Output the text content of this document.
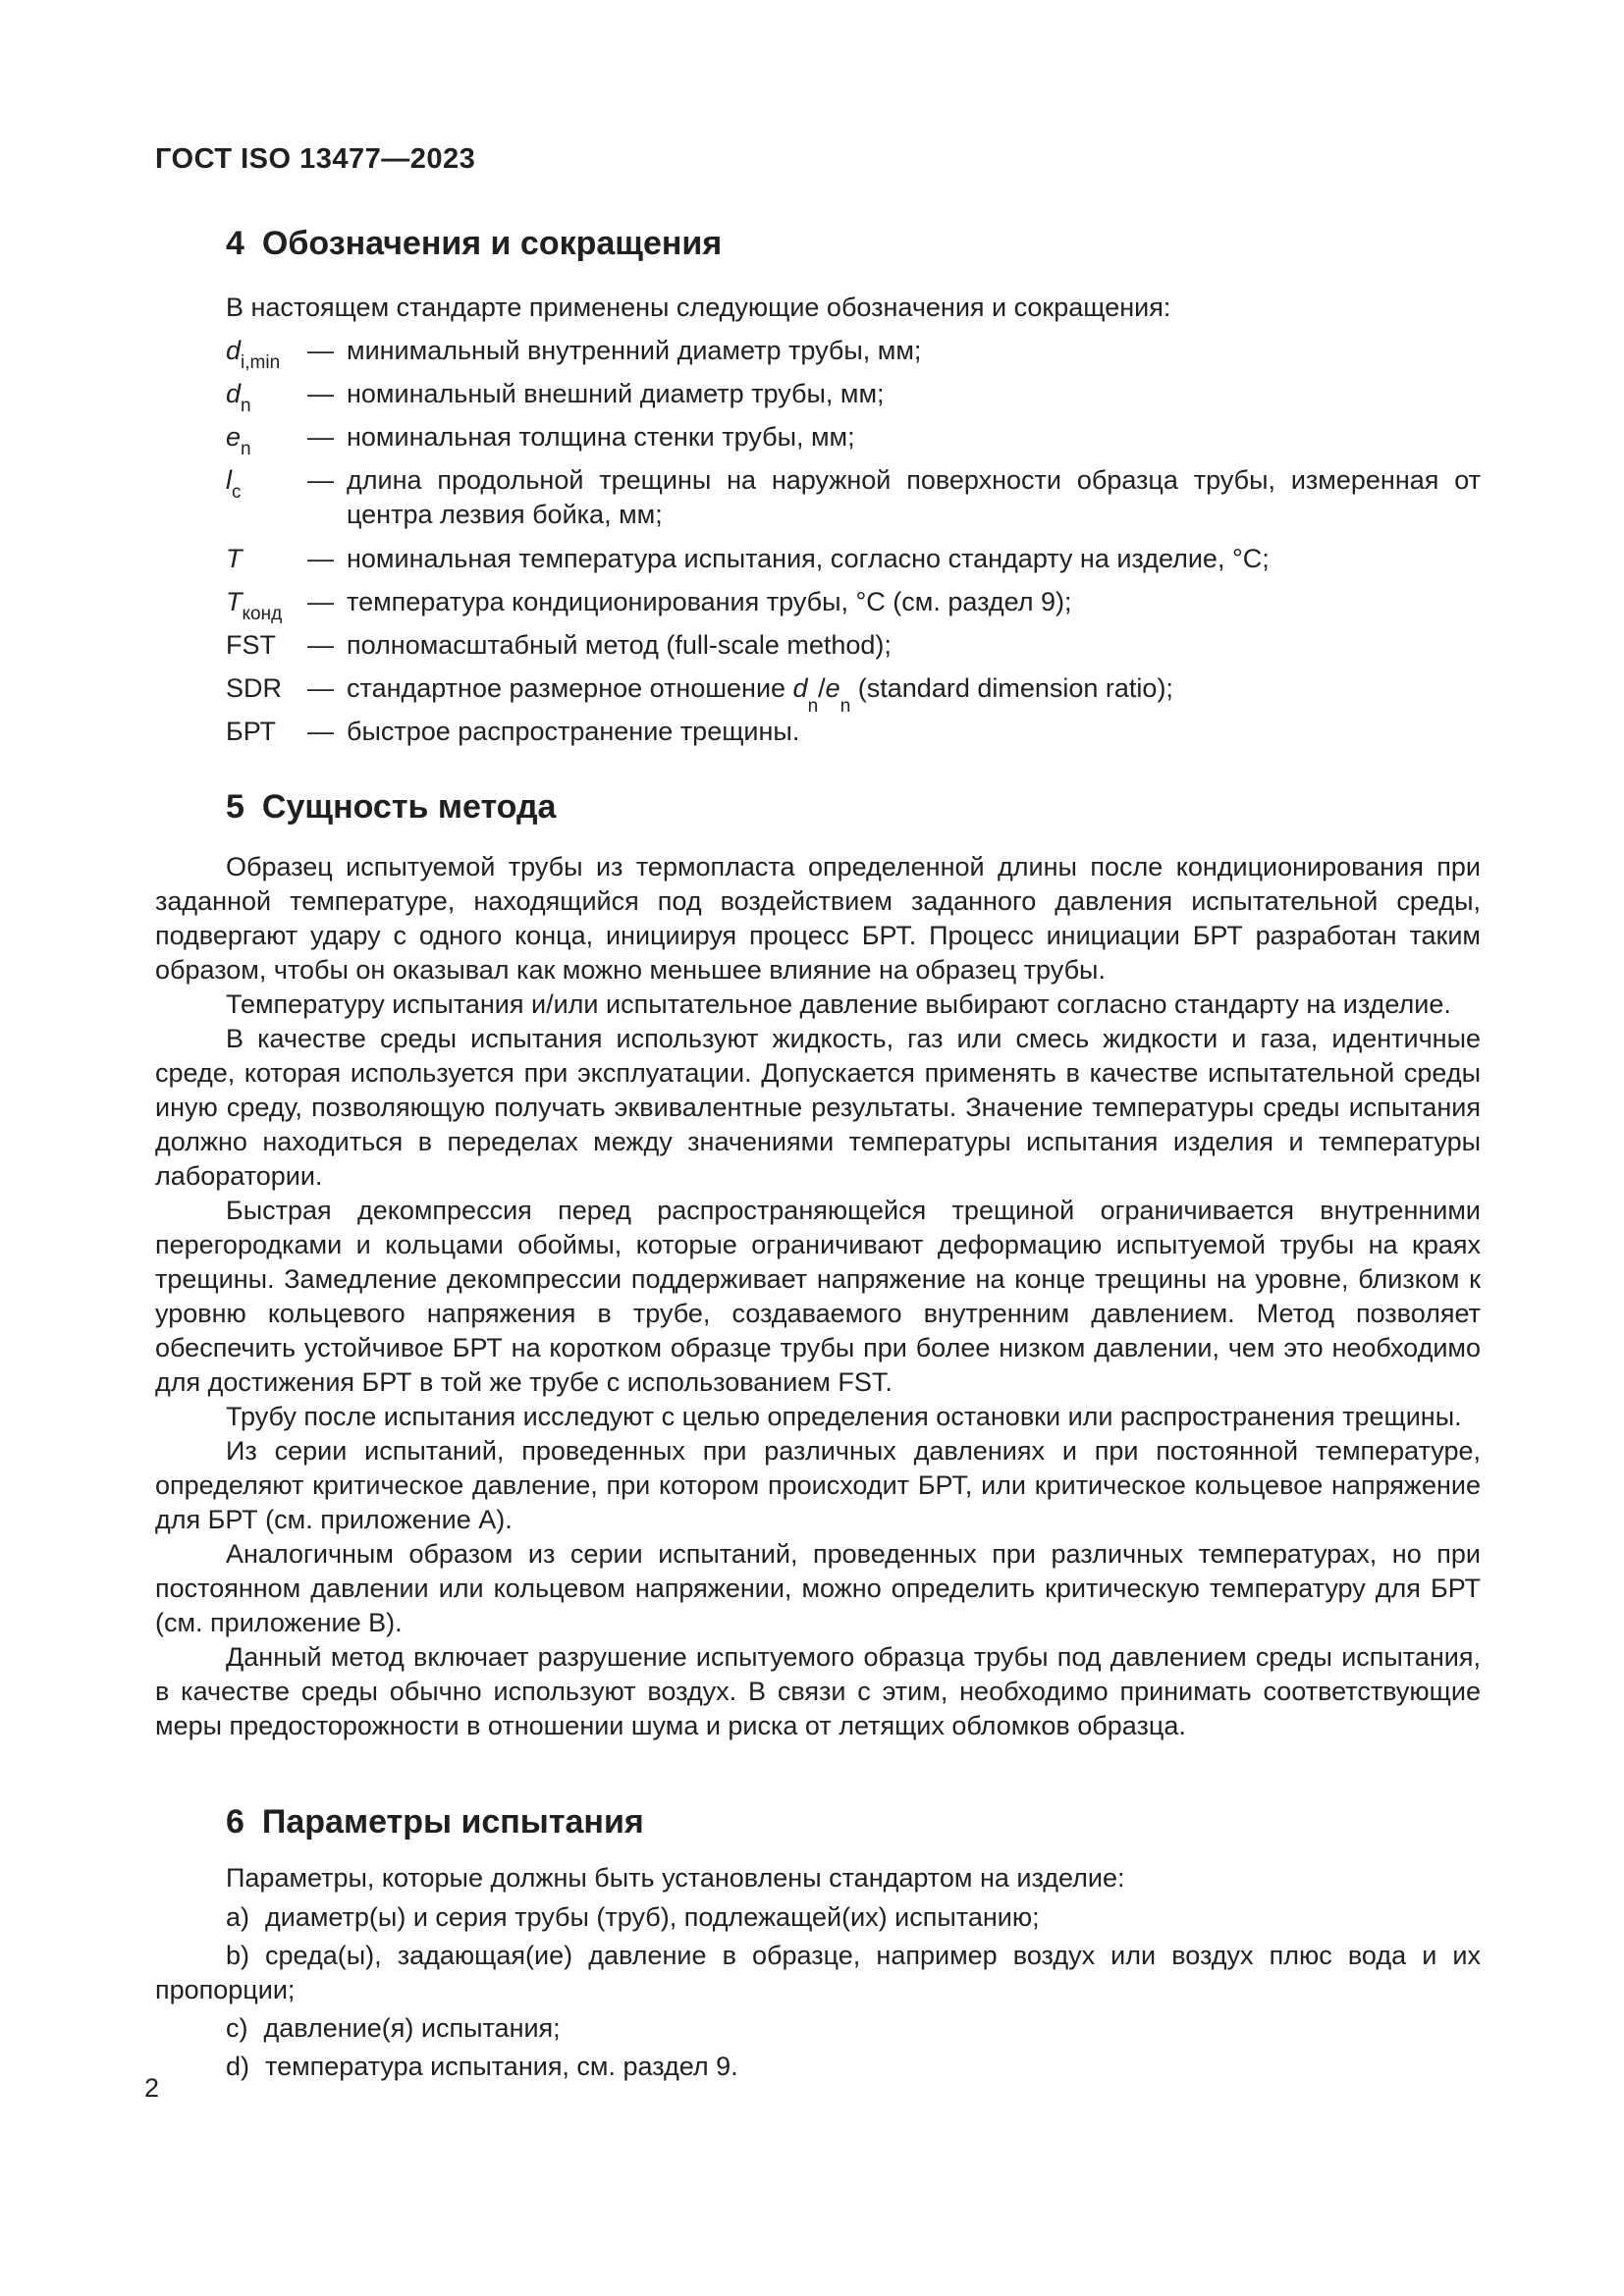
ГОСТ ISO 13477—2023
4 Обозначения и сокращения
В настоящем стандарте применены следующие обозначения и сокращения:
$d_{i,min}$	— минимальный внутренний диаметр трубы, мм;
$d_n$	— номинальный внешний диаметр трубы, мм;
$e_n$	— номинальная толщина стенки трубы, мм;
$l_c$	— длина продольной трещины на наружной поверхности образца трубы, измеренная от центра лезвия бойка, мм;
T	— номинальная температура испытания, согласно стандарту на изделие, °С;
$T_{конд}$ — температура кондиционирования трубы, °С (см. раздел 9);
FST	— полномасштабный метод (full-scale method);
SDR — стандартное размерное отношение $d_n/e_n$ (standard dimension ratio);
БРТ	— быстрое распространение трещины.
5 Сущность метода

Образец испытуемой трубы из термопласта определенной длины после кондиционирования при заданной температуре, находящийся под воздействием заданного давления испытательной среды, подвергают удару с одного конца, инициируя процесс БРТ. Процесс инициации БРТ разработан таким образом, чтобы он оказывал как можно меньшее влияние на образец трубы.

Температуру испытания и/или испытательное давление выбирают согласно стандарту на изделие.

В качестве среды испытания используют жидкость, газ или смесь жидкости и газа, идентичные среде, которая используется при эксплуатации. Допускается применять в качестве испытательной среды иную среду, позволяющую получать эквивалентные результаты. Значение температуры среды испытания должно находиться в переделах между значениями температуры испытания изделия и температуры лаборатории.

Быстрая декомпрессия перед распространяющейся трещиной ограничивается внутренними перегородками и кольцами обоймы, которые ограничивают деформацию испытуемой трубы на краях трещины. Замедление декомпрессии поддерживает напряжение на конце трещины на уровне, близком к уровню кольцевого напряжения в трубе, создаваемого внутренним давлением. Метод позволяет обеспечить устойчивое БРТ на коротком образце трубы при более низком давлении, чем это необходимо для достижения БРТ в той же трубе с использованием FST.

Трубу после испытания исследуют с целью определения остановки или распространения трещины.

Из серии испытаний, проведенных при различных давлениях и при постоянной температуре, определяют критическое давление, при котором происходит БРТ, или критическое кольцевое напряжение для БРТ (см. приложение А).

Аналогичным образом из серии испытаний, проведенных при различных температурах, но при постоянном давлении или кольцевом напряжении, можно определить критическую температуру для БРТ (см. приложение В).

Данный метод включает разрушение испытуемого образца трубы под давлением среды испытания, в качестве среды обычно используют воздух. В связи с этим, необходимо принимать соответствующие меры предосторожности в отношении шума и риска от летящих обломков образца.

6 Параметры испытания
Параметры, которые должны быть установлены стандартом на изделие:

a) диаметр(ы) и серия трубы (труб), подлежащей(их) испытанию;

b) среда(ы), задающая(ие) давление в образце, например воздух или воздух плюс вода и их пропорции;

c) давление(я) испытания;

d) температура испытания, см. раздел 9.

2
